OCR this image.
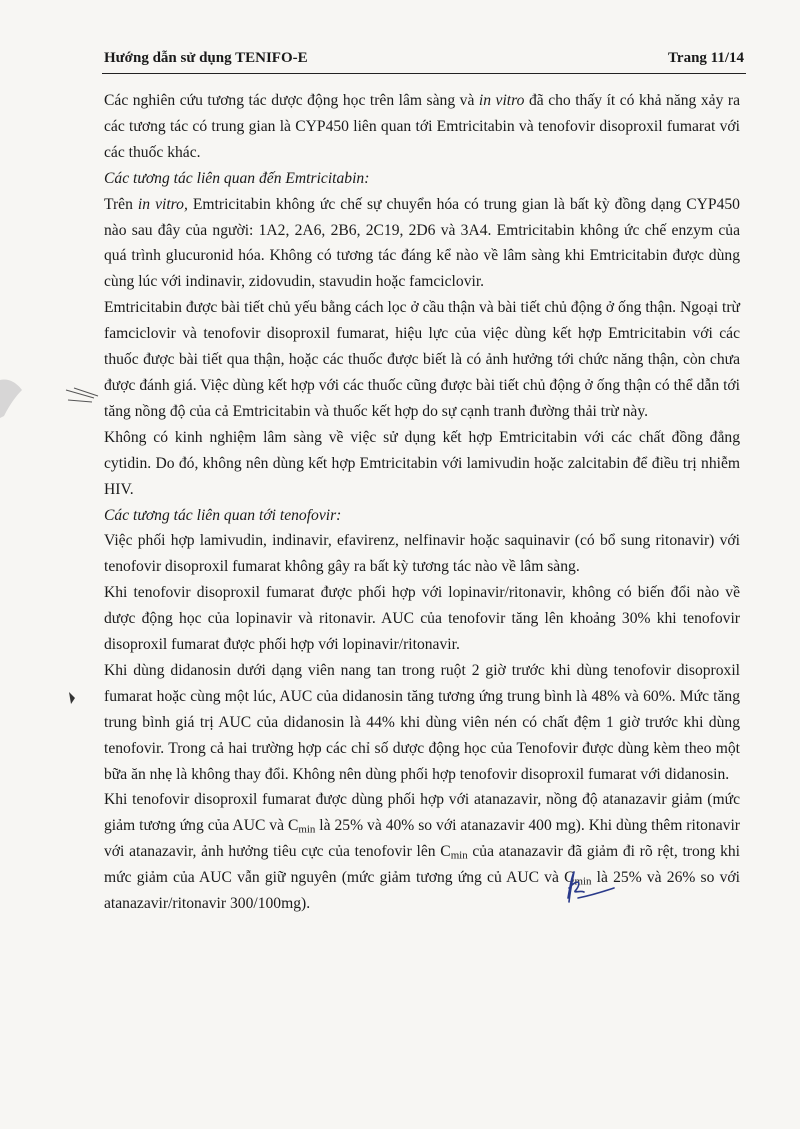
Hướng dẫn sử dụng TENIFO-E	Trang 11/14

Các nghiên cứu tương tác dược động học trên lâm sàng và in vitro đã cho thấy ít có khả năng xảy ra các tương tác có trung gian là CYP450 liên quan tới Emtricitabin và tenofovir disoproxil fumarat với các thuốc khác.

Các tương tác liên quan đến Emtricitabin:

Trên in vitro, Emtricitabin không ức chế sự chuyển hóa có trung gian là bất kỳ đồng dạng CYP450 nào sau đây của người: 1A2, 2A6, 2B6, 2C19, 2D6 và 3A4. Emtricitabin không ức chế enzym của quá trình glucuronid hóa. Không có tương tác đáng kể nào về lâm sàng khi Emtricitabin được dùng cùng lúc với indinavir, zidovudin, stavudin hoặc famciclovir.

Emtricitabin được bài tiết chủ yếu bằng cách lọc ở cầu thận và bài tiết chủ động ở ống thận. Ngoại trừ famciclovir và tenofovir disoproxil fumarat, hiệu lực của việc dùng kết hợp Emtricitabin với các thuốc được bài tiết qua thận, hoặc các thuốc được biết là có ảnh hưởng tới chức năng thận, còn chưa được đánh giá. Việc dùng kết hợp với các thuốc cũng được bài tiết chủ động ở ống thận có thể dẫn tới tăng nồng độ của cả Emtricitabin và thuốc kết hợp do sự cạnh tranh đường thải trừ này.

Không có kinh nghiệm lâm sàng về việc sử dụng kết hợp Emtricitabin với các chất đồng đẳng cytidin. Do đó, không nên dùng kết hợp Emtricitabin với lamivudin hoặc zalcitabin để điều trị nhiễm HIV.

Các tương tác liên quan tới tenofovir:

Việc phối hợp lamivudin, indinavir, efavirenz, nelfinavir hoặc saquinavir (có bổ sung ritonavir) với tenofovir disoproxil fumarat không gây ra bất kỳ tương tác nào về lâm sàng.

Khi tenofovir disoproxil fumarat được phối hợp với lopinavir/ritonavir, không có biến đổi nào về dược động học của lopinavir và ritonavir. AUC của tenofovir tăng lên khoảng 30% khi tenofovir disoproxil fumarat được phối hợp với lopinavir/ritonavir.

Khi dùng didanosin dưới dạng viên nang tan trong ruột 2 giờ trước khi dùng tenofovir disoproxil fumarat hoặc cùng một lúc, AUC của didanosin tăng tương ứng trung bình là 48% và 60%. Mức tăng trung bình giá trị AUC của didanosin là 44% khi dùng viên nén có chất đệm 1 giờ trước khi dùng tenofovir. Trong cả hai trường hợp các chỉ số dược động học của Tenofovir được dùng kèm theo một bữa ăn nhẹ là không thay đổi. Không nên dùng phối hợp tenofovir disoproxil fumarat với didanosin.

Khi tenofovir disoproxil fumarat được dùng phối hợp với atanazavir, nồng độ atanazavir giảm (mức giảm tương ứng của AUC và $C_{min}$ là 25% và 40% so với atanazavir 400 mg). Khi dùng thêm ritonavir với atanazavir, ảnh hưởng tiêu cực của tenofovir lên $C_{min}$ của atanazavir đã giảm đi rõ rệt, trong khi mức giảm của AUC vẫn giữ nguyên (mức giảm tương ứng củ AUC và $C_{min}$ là 25% và 26% so với atanazavir/ritonavir 300/100mg).
